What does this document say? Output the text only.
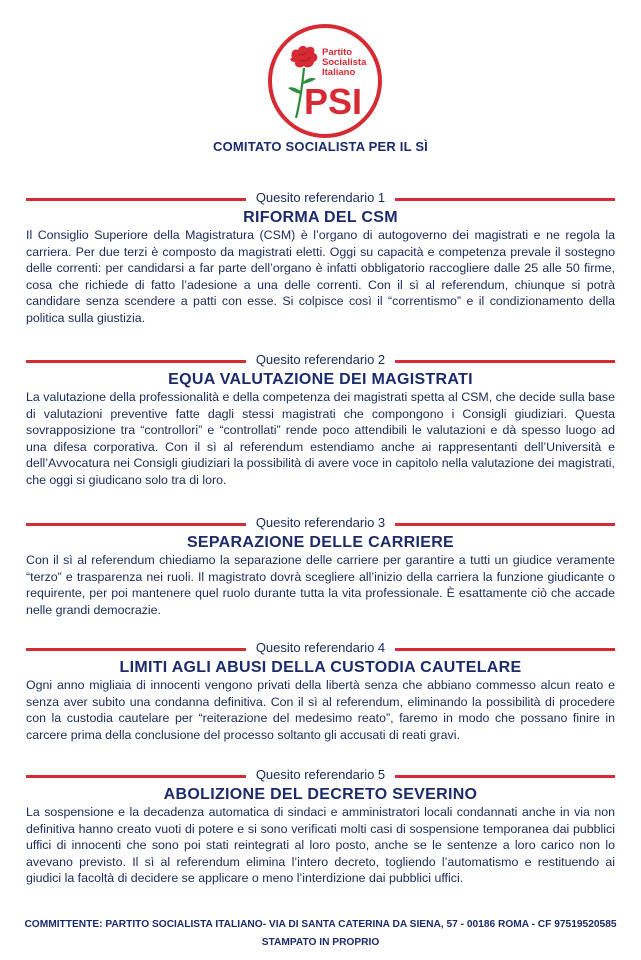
Partito
Socialista
Italiano
PSI
COMITATO SOCIALISTA PER IL SÌ
Quesito referendario 1
RIFORMA DEL CSM
Il Consiglio Superiore della Magistratura (CSM) è l’organo di autogoverno dei magistrati e ne regola la carriera. Per due terzi è composto da magistrati eletti. Oggi su capacità e competenza prevale il sostegno delle correnti: per candidarsi a far parte dell’organo è infatti obbligatorio raccogliere dalle 25 alle 50 firme, cosa che richiede di fatto l’adesione a una delle correnti. Con il sì al referendum, chiunque si potrà candidare senza scendere a patti con esse. Si colpisce così il “correntismo” e il condizionamento della politica sulla giustizia.
Quesito referendario 2
EQUA VALUTAZIONE DEI MAGISTRATI
La valutazione della professionalità e della competenza dei magistrati spetta al CSM, che decide sulla base di valutazioni preventive fatte dagli stessi magistrati che compongono i Consigli giudiziari. Questa sovrapposizione tra “controllori” e “controllati” rende poco attendibili le valutazioni e dà spesso luogo ad una difesa corporativa. Con il sì al referendum estendiamo anche ai rappresentanti dell’Università e dell’Avvocatura nei Consigli giudiziari la possibilità di avere voce in capitolo nella valutazione dei magistrati, che oggi si giudicano solo tra di loro.
Quesito referendario 3
SEPARAZIONE DELLE CARRIERE
Con il sì al referendum chiediamo la separazione delle carriere per garantire a tutti un giudice veramente “terzo” e trasparenza nei ruoli. Il magistrato dovrà scegliere all’inizio della carriera la funzione giudicante o requirente, per poi mantenere quel ruolo durante tutta la vita professionale. È esattamente ciò che accade nelle grandi democrazie.
Quesito referendario 4
LIMITI AGLI ABUSI DELLA CUSTODIA CAUTELARE
Ogni anno migliaia di innocenti vengono privati della libertà senza che abbiano commesso alcun reato e senza aver subito una condanna definitiva. Con il sì al referendum, eliminando la possibilità di procedere con la custodia cautelare per “reiterazione del medesimo reato”, faremo in modo che possano finire in carcere prima della conclusione del processo soltanto gli accusati di reati gravi.
Quesito referendario 5
ABOLIZIONE DEL DECRETO SEVERINO
La sospensione e la decadenza automatica di sindaci e amministratori locali condannati anche in via non definitiva hanno creato vuoti di potere e si sono verificati molti casi di sospensione temporanea dai pubblici uffici di innocenti che sono poi stati reintegrati al loro posto, anche se le sentenze a loro carico non lo avevano previsto. Il sì al referendum elimina l’intero decreto, togliendo l’automatismo e restituendo ai giudici la facoltà di decidere se applicare o meno l’interdizione dai pubblici uffici.
COMMITTENTE: PARTITO SOCIALISTA ITALIANO- VIA DI SANTA CATERINA DA SIENA, 57 - 00186 ROMA - CF 97519520585
STAMPATO IN PROPRIO
